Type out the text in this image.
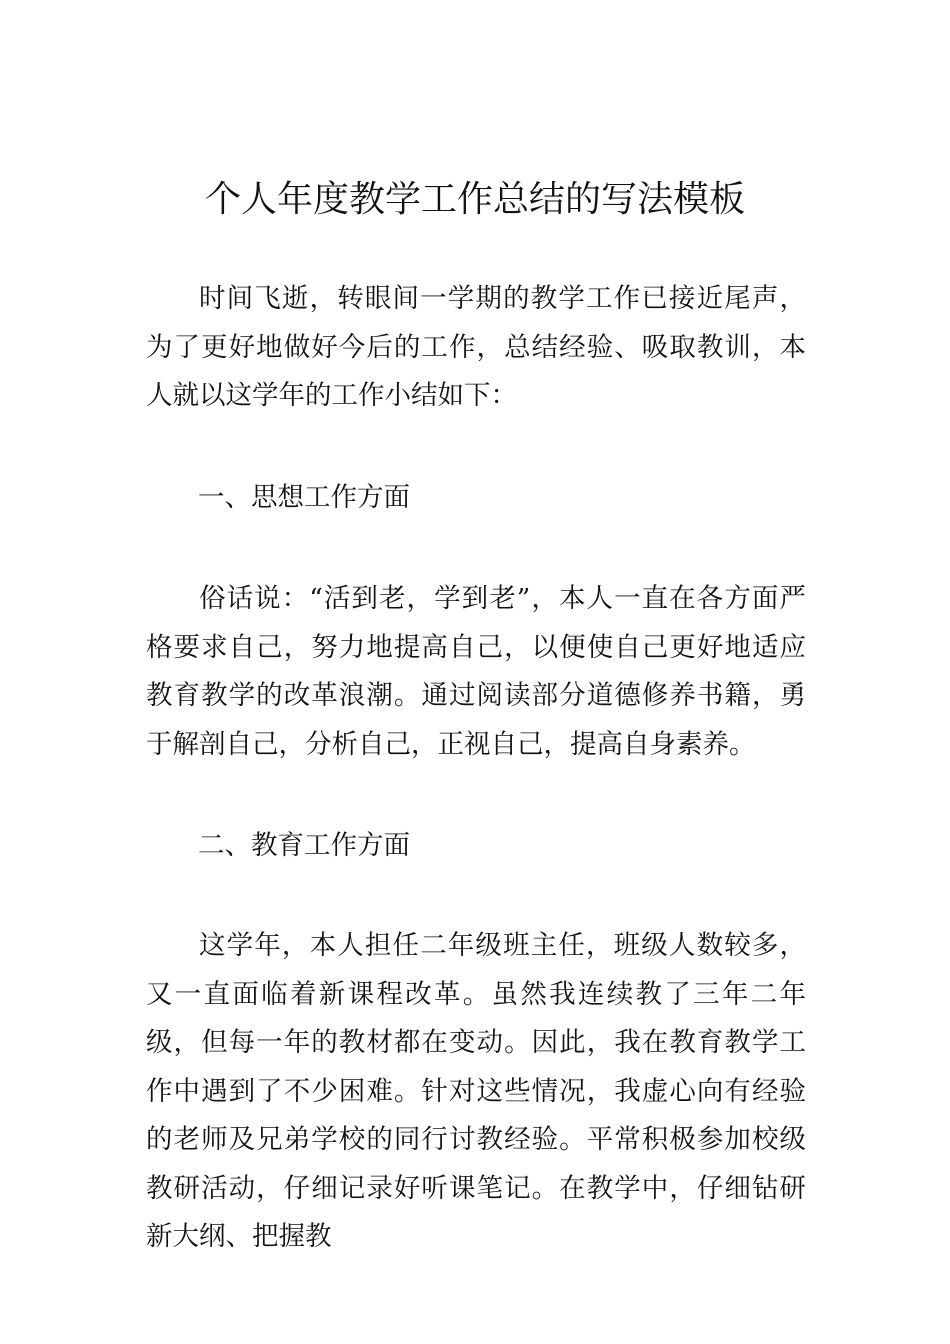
个人年度教学工作总结的写法模板

时间飞逝，转眼间一学期的教学工作已接近尾声，为了更好地做好今后的工作，总结经验、吸取教训，本人就以这学年的工作小结如下：

一、思想工作方面

俗话说：“活到老，学到老”，本人一直在各方面严格要求自己，努力地提高自己，以便使自己更好地适应教育教学的改革浪潮。通过阅读部分道德修养书籍，勇于解剖自己，分析自己，正视自己，提高自身素养。

二、教育工作方面

这学年，本人担任二年级班主任，班级人数较多，又一直面临着新课程改革。虽然我连续教了三年二年级，但每一年的教材都在变动。因此，我在教育教学工作中遇到了不少困难。针对这些情况，我虚心向有经验的老师及兄弟学校的同行讨教经验。平常积极参加校级教研活动，仔细记录好听课笔记。在教学中，仔细钻研新大纲、把握教
